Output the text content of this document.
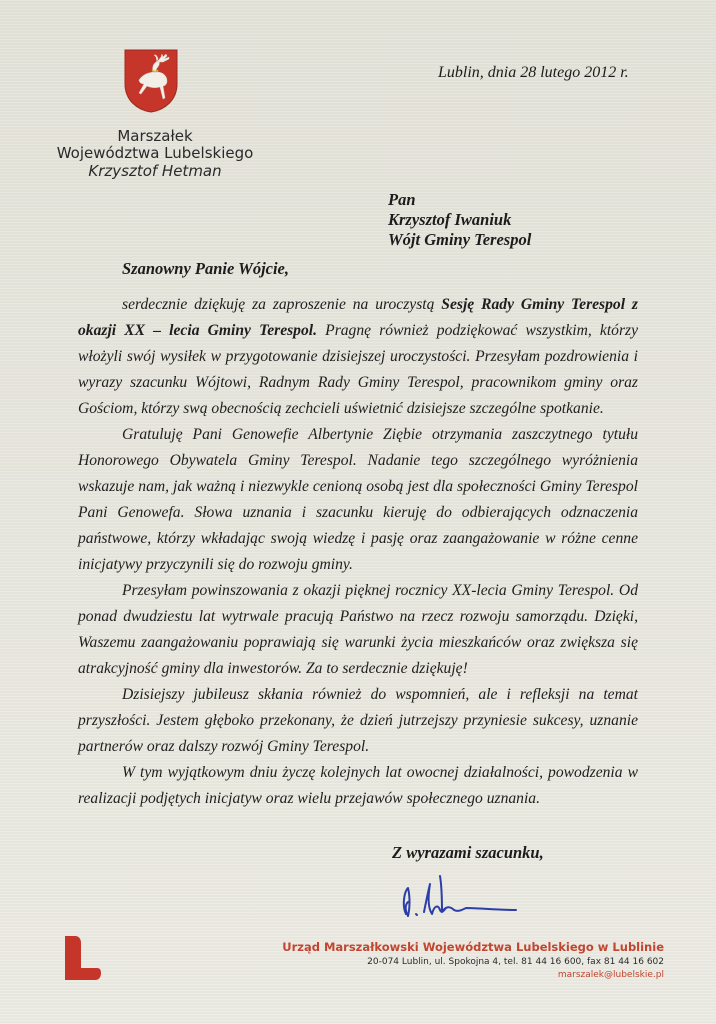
Marszałek
Województwa Lubelskiego
Krzysztof Hetman
Lublin, dnia 28 lutego 2012 r.
Pan
Krzysztof Iwaniuk
Wójt Gminy Terespol
Szanowny Panie Wójcie,

serdecznie dziękuję za zaproszenie na uroczystą Sesję Rady Gminy Terespol z okazji XX – lecia Gminy Terespol. Pragnę również podziękować wszystkim, którzy włożyli swój wysiłek w przygotowanie dzisiejszej uroczystości. Przesyłam pozdrowienia i wyrazy szacunku Wójtowi, Radnym Rady Gminy Terespol, pracownikom gminy oraz Gościom, którzy swą obecnością zechcieli uświetnić dzisiejsze szczególne spotkanie.

Gratuluję Pani Genowefie Albertynie Ziębie otrzymania zaszczytnego tytułu Honorowego Obywatela Gminy Terespol. Nadanie tego szczególnego wyróżnienia wskazuje nam, jak ważną i niezwykle cenioną osobą jest dla społeczności Gminy Terespol Pani Genowefa. Słowa uznania i szacunku kieruję do odbierających odznaczenia państwowe, którzy wkładając swoją wiedzę i pasję oraz zaangażowanie w różne cenne inicjatywy przyczynili się do rozwoju gminy.

Przesyłam powinszowania z okazji pięknej rocznicy XX-lecia Gminy Terespol. Od ponad dwudziestu lat wytrwale pracują Państwo na rzecz rozwoju samorządu. Dzięki, Waszemu zaangażowaniu poprawiają się warunki życia mieszkańców oraz zwiększa się atrakcyjność gminy dla inwestorów. Za to serdecznie dziękuję!

Dzisiejszy jubileusz skłania również do wspomnień, ale i refleksji na temat przyszłości. Jestem głęboko przekonany, że dzień jutrzejszy przyniesie sukcesy, uznanie partnerów oraz dalszy rozwój Gminy Terespol.

W tym wyjątkowym dniu życzę kolejnych lat owocnej działalności, powodzenia w realizacji podjętych inicjatyw oraz wielu przejawów społecznego uznania.

Z wyrazami szacunku,
Urząd Marszałkowski Województwa Lubelskiego w Lublinie
20-074 Lublin, ul. Spokojna 4, tel. 81 44 16 600, fax 81 44 16 602
marszalek@lubelskie.pl
